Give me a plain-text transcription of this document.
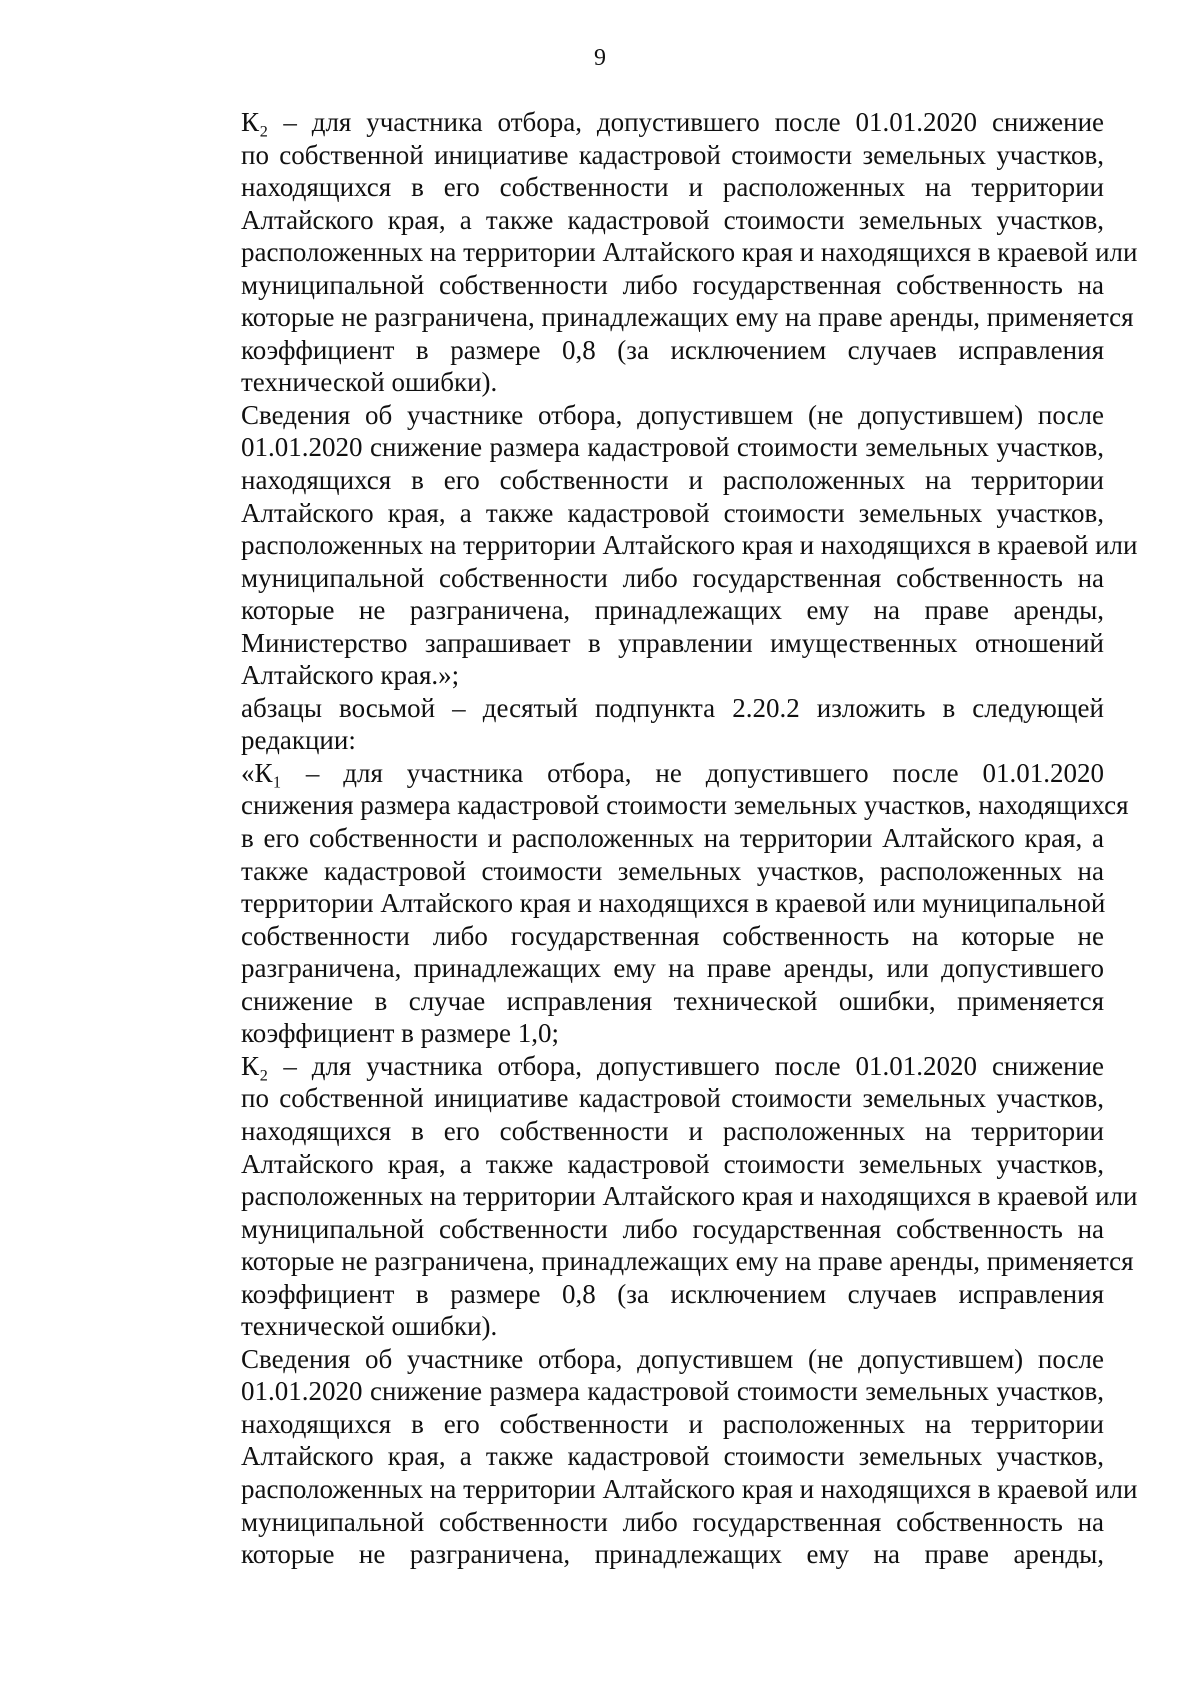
9

К₂ – для участника отбора, допустившего после 01.01.2020 снижение
по собственной инициативе кадастровой стоимости земельных участков,
находящихся в его собственности и расположенных на территории
Алтайского края, а также кадастровой стоимости земельных участков,
расположенных на территории Алтайского края и находящихся в краевой или
муниципальной собственности либо государственная собственность на
которые не разграничена, принадлежащих ему на праве аренды, применяется
коэффициент в размере 0,8 (за исключением случаев исправления
технической ошибки).

Сведения об участнике отбора, допустившем (не допустившем) после
01.01.2020 снижение размера кадастровой стоимости земельных участков,
находящихся в его собственности и расположенных на территории
Алтайского края, а также кадастровой стоимости земельных участков,
расположенных на территории Алтайского края и находящихся в краевой или
муниципальной собственности либо государственная собственность на
которые не разграничена, принадлежащих ему на праве аренды,
Министерство запрашивает в управлении имущественных отношений
Алтайского края.»;

абзацы восьмой – десятый подпункта 2.20.2 изложить в следующей
редакции:

«К₁ – для участника отбора, не допустившего после 01.01.2020
снижения размера кадастровой стоимости земельных участков, находящихся
в его собственности и расположенных на территории Алтайского края, а
также кадастровой стоимости земельных участков, расположенных на
территории Алтайского края и находящихся в краевой или муниципальной
собственности либо государственная собственность на которые не
разграничена, принадлежащих ему на праве аренды, или допустившего
снижение в случае исправления технической ошибки, применяется
коэффициент в размере 1,0;

К₂ – для участника отбора, допустившего после 01.01.2020 снижение
по собственной инициативе кадастровой стоимости земельных участков,
находящихся в его собственности и расположенных на территории
Алтайского края, а также кадастровой стоимости земельных участков,
расположенных на территории Алтайского края и находящихся в краевой или
муниципальной собственности либо государственная собственность на
которые не разграничена, принадлежащих ему на праве аренды, применяется
коэффициент в размере 0,8 (за исключением случаев исправления
технической ошибки).

Сведения об участнике отбора, допустившем (не допустившем) после
01.01.2020 снижение размера кадастровой стоимости земельных участков,
находящихся в его собственности и расположенных на территории
Алтайского края, а также кадастровой стоимости земельных участков,
расположенных на территории Алтайского края и находящихся в краевой или
муниципальной собственности либо государственная собственность на
которые не разграничена, принадлежащих ему на праве аренды,
